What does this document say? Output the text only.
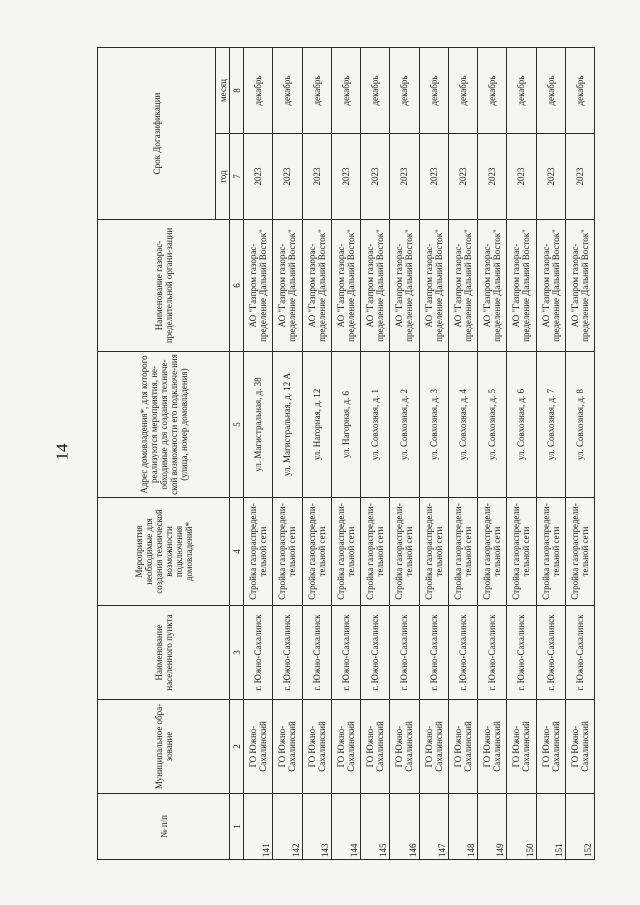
14
№ п/п	Муниципальное обра-зование	Наименование населенного пункта	Мероприятия необходимые для создания технической возможности подключения домовладений*	Адрес домовладения*, для которого реализуются мероприятия, не-обходимые для создания техниче-ской возможности его подключе-ния (улица, номер домовладения)	Наименование газорас-пределительной органи-зации	Срок Догазификации	
						год	месяц
1	2	3	4	5	6	7	8
141	ГО Южно-Сахалинский	г. Южно-Сахалинск	Стройка газораспредели-тельной сети	ул. Магистральная, д. 38	АО "Газпром газорас-пределение Дальний Восток"	2023	декабрь
142	ГО Южно-Сахалинский	г. Южно-Сахалинск	Стройка газораспредели-тельной сети	ул. Магистральная, д. 12 А	АО "Газпром газорас-пределение Дальний Восток"	2023	декабрь
143	ГО Южно-Сахалинский	г. Южно-Сахалинск	Стройка газораспредели-тельной сети	ул. Нагорная, д. 12	АО "Газпром газорас-пределение Дальний Восток"	2023	декабрь
144	ГО Южно-Сахалинский	г. Южно-Сахалинск	Стройка газораспредели-тельной сети	ул. Нагорная, д. 6	АО "Газпром газорас-пределение Дальний Восток"	2023	декабрь
145	ГО Южно-Сахалинский	г. Южно-Сахалинск	Стройка газораспредели-тельной сети	ул. Совхозная, д. 1	АО "Газпром газорас-пределение Дальний Восток"	2023	декабрь
146	ГО Южно-Сахалинский	г. Южно-Сахалинск	Стройка газораспредели-тельной сети	ул. Совхозная, д. 2	АО "Газпром газорас-пределение Дальний Восток"	2023	декабрь
147	ГО Южно-Сахалинский	г. Южно-Сахалинск	Стройка газораспредели-тельной сети	ул. Совхозная, д. 3	АО "Газпром газорас-пределение Дальний Восток"	2023	декабрь
148	ГО Южно-Сахалинский	г. Южно-Сахалинск	Стройка газораспредели-тельной сети	ул. Совхозная, д. 4	АО "Газпром газорас-пределение Дальний Восток"	2023	декабрь
149	ГО Южно-Сахалинский	г. Южно-Сахалинск	Стройка газораспредели-тельной сети	ул. Совхозная, д. 5	АО "Газпром газорас-пределение Дальний Восток"	2023	декабрь
150	ГО Южно-Сахалинский	г. Южно-Сахалинск	Стройка газораспредели-тельной сети	ул. Совхозная, д. 6	АО "Газпром газорас-пределение Дальний Восток"	2023	декабрь
151	ГО Южно-Сахалинский	г. Южно-Сахалинск	Стройка газораспредели-тельной сети	ул. Совхозная, д. 7	АО "Газпром газорас-пределение Дальний Восток"	2023	декабрь
152	ГО Южно-Сахалинский	г. Южно-Сахалинск	Стройка газораспредели-тельной сети	ул. Совхозная, д. 8	АО "Газпром газорас-пределение Дальний Восток"	2023	декабрь
